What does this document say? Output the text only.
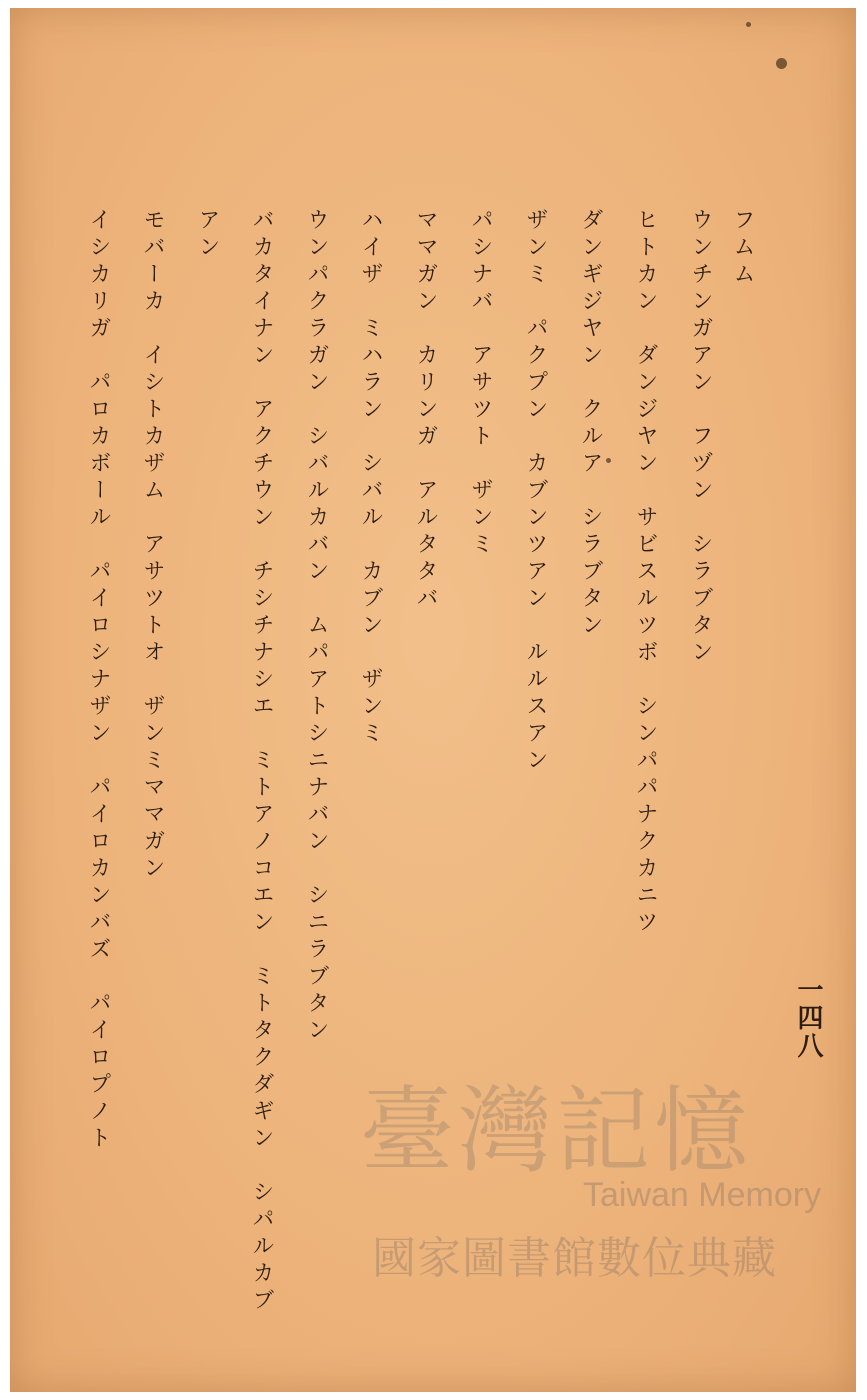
フムム
ウンチンガアン　フヅン　シラブタン
ヒトカン　ダンジヤン　サビスルツボ　シンパパナクカニツ
ダンギジヤン　クルア　シラブタン
ザンミ　パクプン　カブンツアン　ルルスアン
パシナバ　アサツト　ザンミ
ママガン　カリンガ　アルタタバ
ハイザ　ミハラン　シバル　カブン　ザンミ
ウンパクラガン　シバルカバン　ムパアトシニナバン　シニラブタン
バカタイナン　アクチウン　チシチナシエ　ミトアノコエン　ミトタクダギン　シパルカブ
アン
モバーカ　イシトカザム　アサツトオ　ザンミママガン
イシカリガ　パロカボール　パイロシナザン　パイロカンバズ　パイロプノト	一四八
臺灣記憶
Taiwan Memory
國家圖書館數位典藏
